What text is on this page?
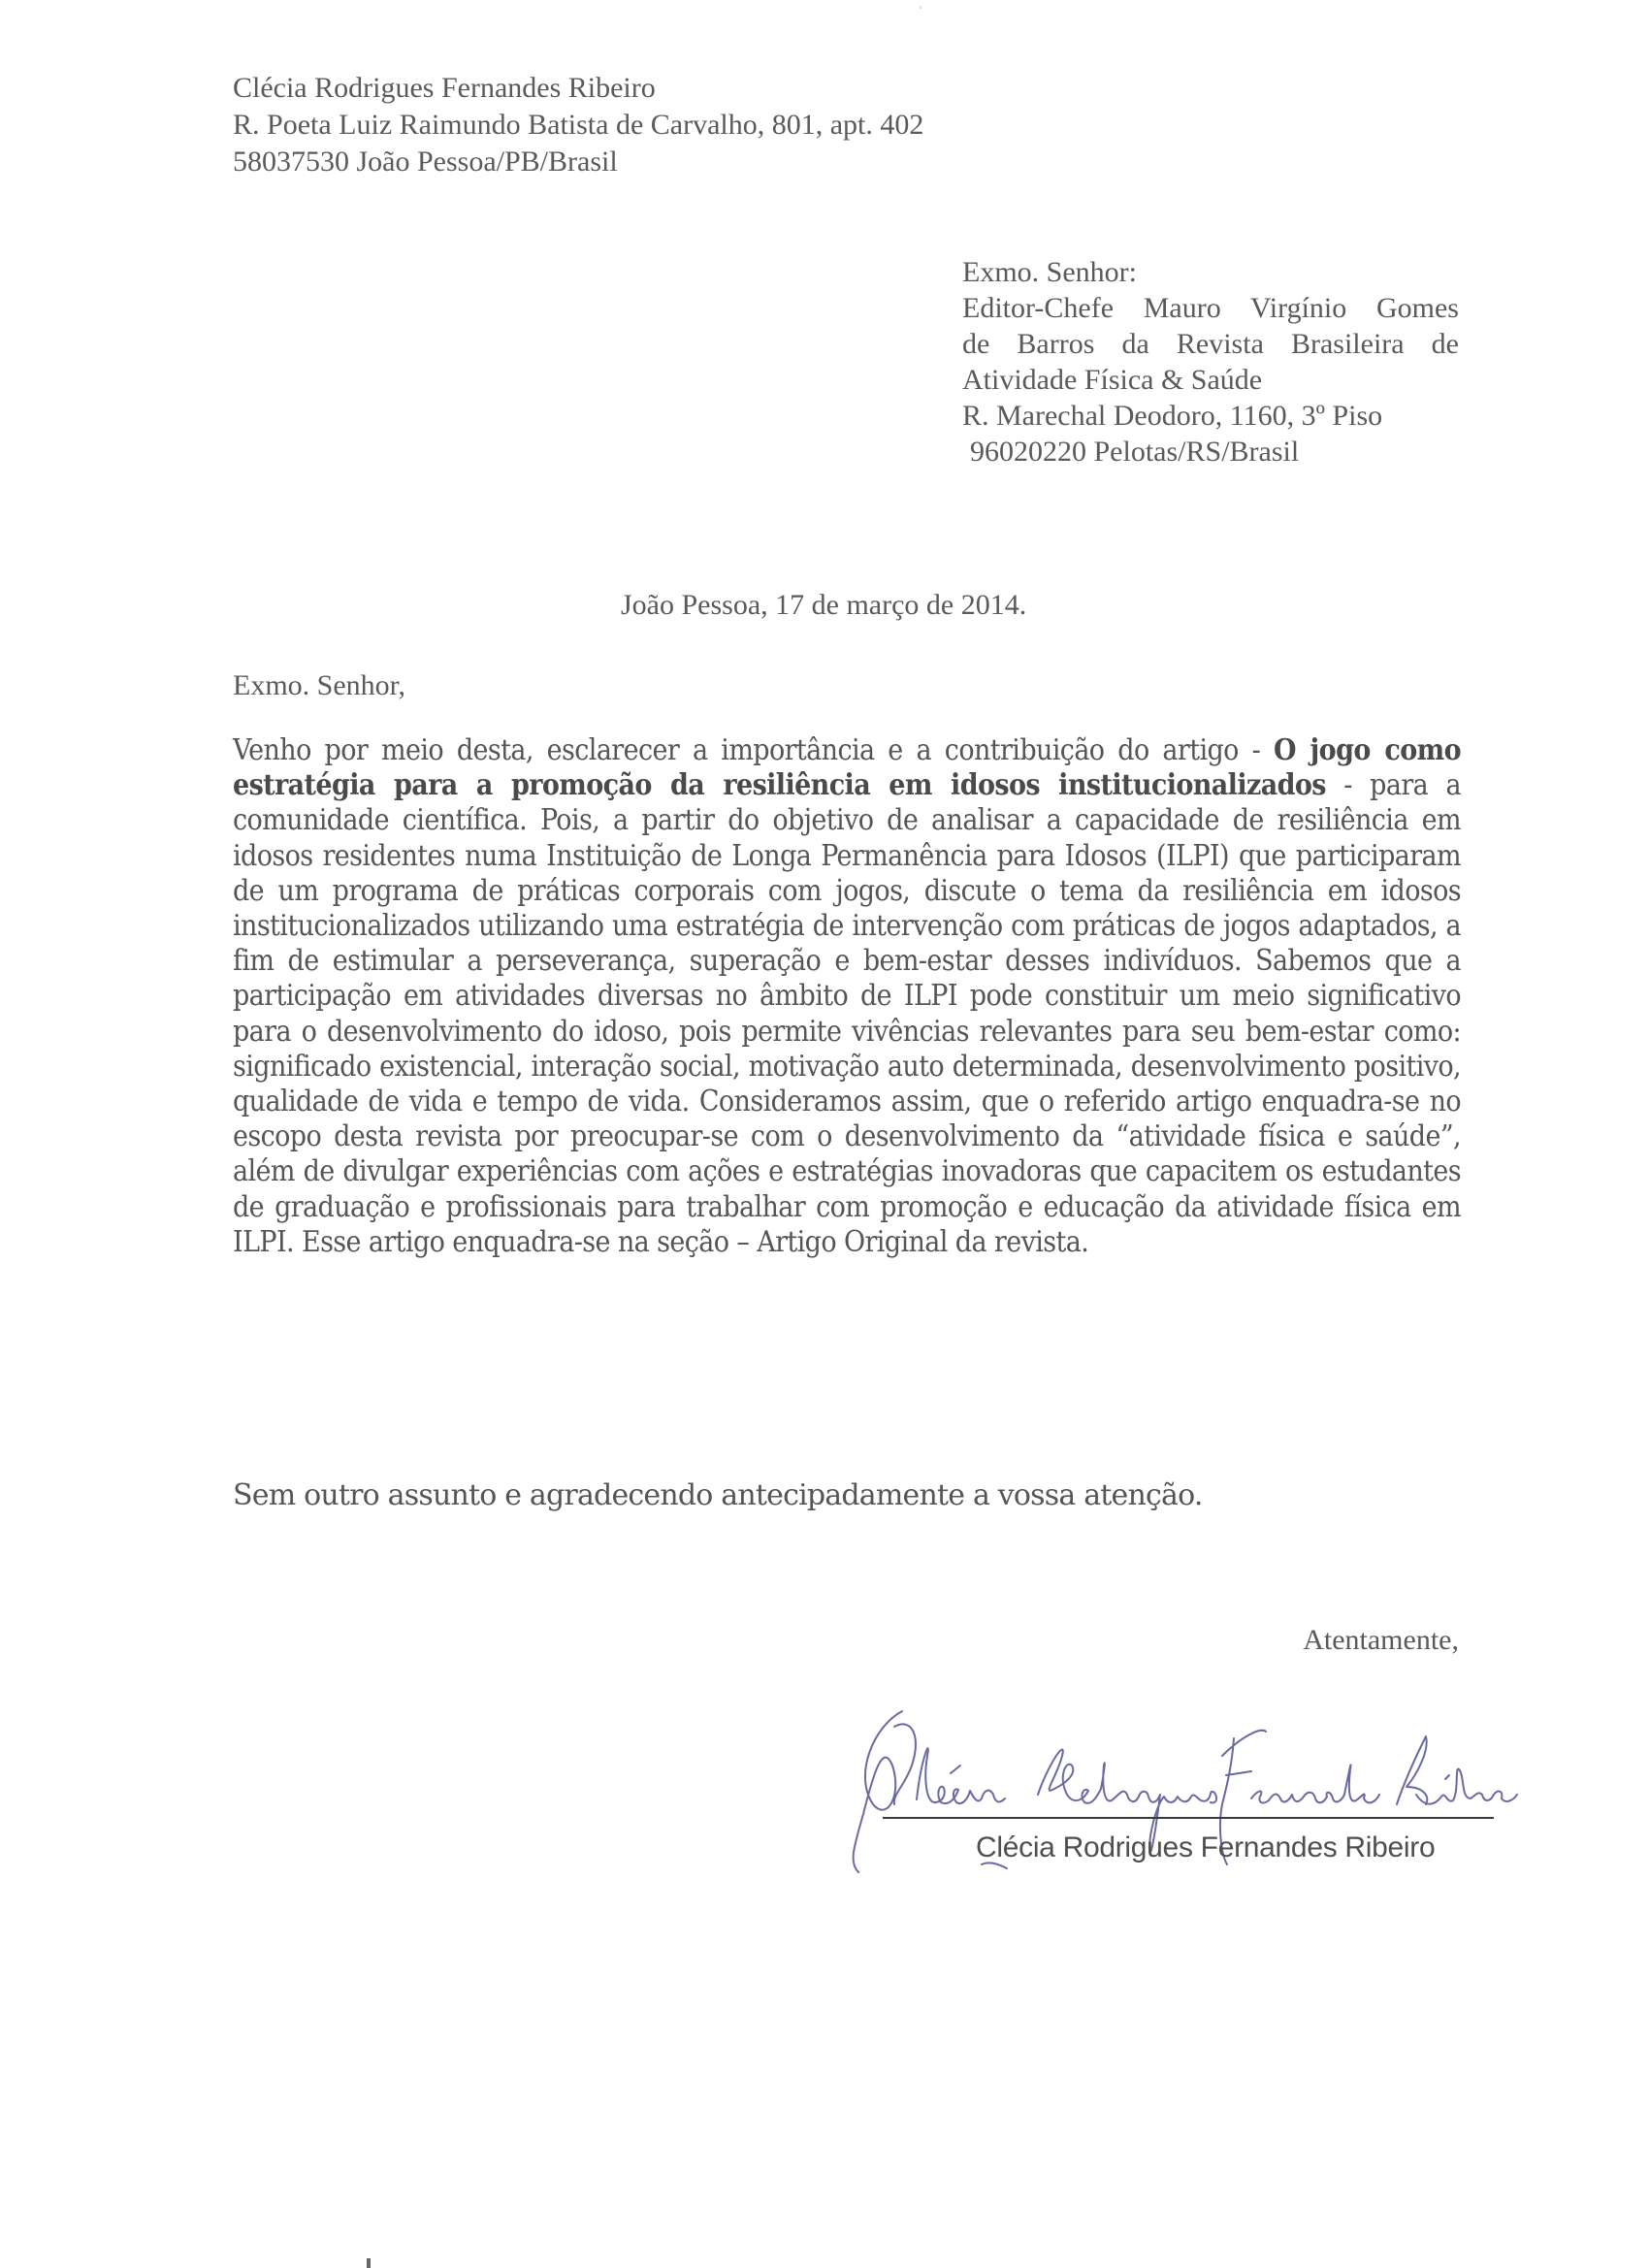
Clécia Rodrigues Fernandes Ribeiro
R. Poeta Luiz Raimundo Batista de Carvalho, 801, apt. 402
58037530 João Pessoa/PB/Brasil
Exmo. Senhor:
Editor-Chefe Mauro Virgínio Gomes
de Barros da Revista Brasileira de
Atividade Física & Saúde
R. Marechal Deodoro, 1160, 3º Piso
96020220 Pelotas/RS/Brasil
João Pessoa, 17 de março de 2014.
Exmo. Senhor,
Venho por meio desta, esclarecer a importância e a contribuição do artigo - O jogo como estratégia para a promoção da resiliência em idosos institucionalizados - para a comunidade científica. Pois, a partir do objetivo de analisar a capacidade de resiliência em idosos residentes numa Instituição de Longa Permanência para Idosos (ILPI) que participaram de um programa de práticas corporais com jogos, discute o tema da resiliência em idosos institucionalizados utilizando uma estratégia de intervenção com práticas de jogos adaptados, a fim de estimular a perseverança, superação e bem-estar desses indivíduos. Sabemos que a participação em atividades diversas no âmbito de ILPI pode constituir um meio significativo para o desenvolvimento do idoso, pois permite vivências relevantes para seu bem-estar como: significado existencial, interação social, motivação auto determinada, desenvolvimento positivo, qualidade de vida e tempo de vida. Consideramos assim, que o referido artigo enquadra-se no escopo desta revista por preocupar-se com o desenvolvimento da “atividade física e saúde”, além de divulgar experiências com ações e estratégias inovadoras que capacitem os estudantes de graduação e profissionais para trabalhar com promoção e educação da atividade física em ILPI. Esse artigo enquadra-se na seção – Artigo Original da revista.
Sem outro assunto e agradecendo antecipadamente a vossa atenção.
Atentamente,
Clécia Rodrigues Fernandes Ribeiro
